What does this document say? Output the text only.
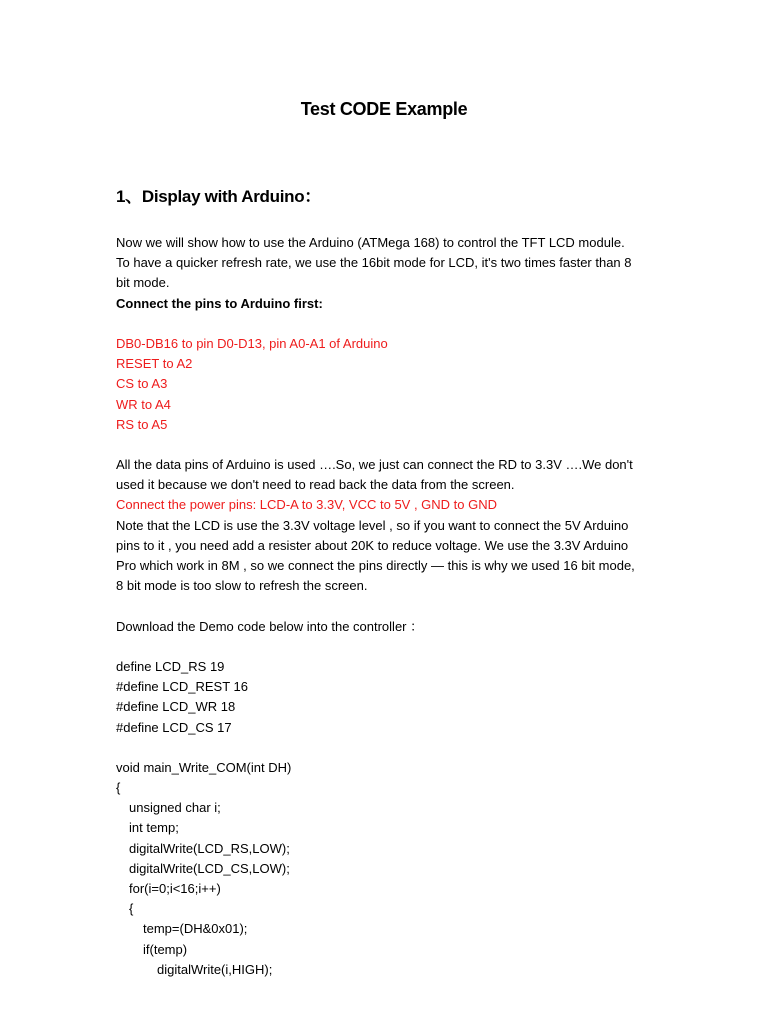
Test CODE Example
1、Display with Arduino：
Now we will show how to use the Arduino (ATMega 168) to control the TFT LCD module.
To have a quicker refresh rate, we use the 16bit mode for LCD, it's two times faster than 8
bit mode.
Connect the pins to Arduino first:
DB0-DB16 to pin D0-D13, pin A0-A1 of Arduino
RESET to A2
CS to A3
WR to A4
RS to A5
All the data pins of Arduino is used ….So, we just can connect the RD to 3.3V ….We don't
used it because we don't need to read back the data from the screen.
Connect the power pins: LCD-A to 3.3V, VCC to 5V , GND to GND
Note that the LCD is use the 3.3V voltage level , so if you want to connect the 5V Arduino
pins to it , you need add a resister about 20K to reduce voltage. We use the 3.3V Arduino
Pro which work in 8M , so we connect the pins directly — this is why we used 16 bit mode,
8 bit mode is too slow to refresh the screen.
Download the Demo code below into the controller ：
define LCD_RS 19
#define LCD_REST 16
#define LCD_WR 18
#define LCD_CS 17
void main_Write_COM(int DH)
{
unsigned char i;
int temp;
digitalWrite(LCD_RS,LOW);
digitalWrite(LCD_CS,LOW);
for(i=0;i<16;i++)
{
temp=(DH&0x01);
if(temp)
digitalWrite(i,HIGH);
